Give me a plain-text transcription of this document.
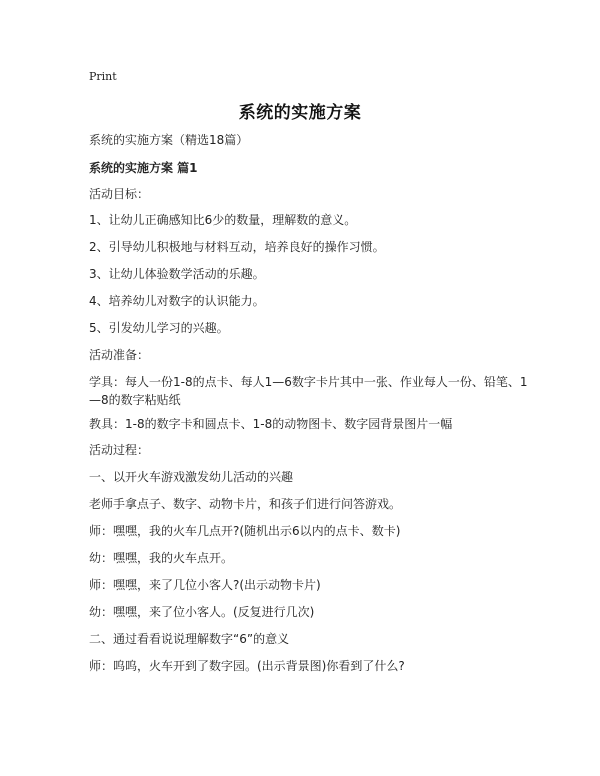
Print
系统的实施方案
系统的实施方案（精选18篇）
系统的实施方案 篇1
活动目标：
1、让幼儿正确感知比6少的数量，理解数的意义。
2、引导幼儿积极地与材料互动，培养良好的操作习惯。
3、让幼儿体验数学活动的乐趣。
4、培养幼儿对数字的认识能力。
5、引发幼儿学习的兴趣。
活动准备：
学具：每人一份1-8的点卡、每人1—6数字卡片其中一张、作业每人一份、铅笔、1—8的数字粘贴纸
教具：1-8的数字卡和圆点卡、1-8的动物图卡、数字园背景图片一幅
活动过程：
一、以开火车游戏激发幼儿活动的兴趣
老师手拿点子、数字、动物卡片，和孩子们进行问答游戏。
师：嘿嘿，我的火车几点开?(随机出示6以内的点卡、数卡)
幼：嘿嘿，我的火车点开。
师：嘿嘿，来了几位小客人?(出示动物卡片)
幼：嘿嘿，来了位小客人。(反复进行几次)
二、通过看看说说理解数字“6”的意义
师：呜呜，火车开到了数字园。(出示背景图)你看到了什么?
